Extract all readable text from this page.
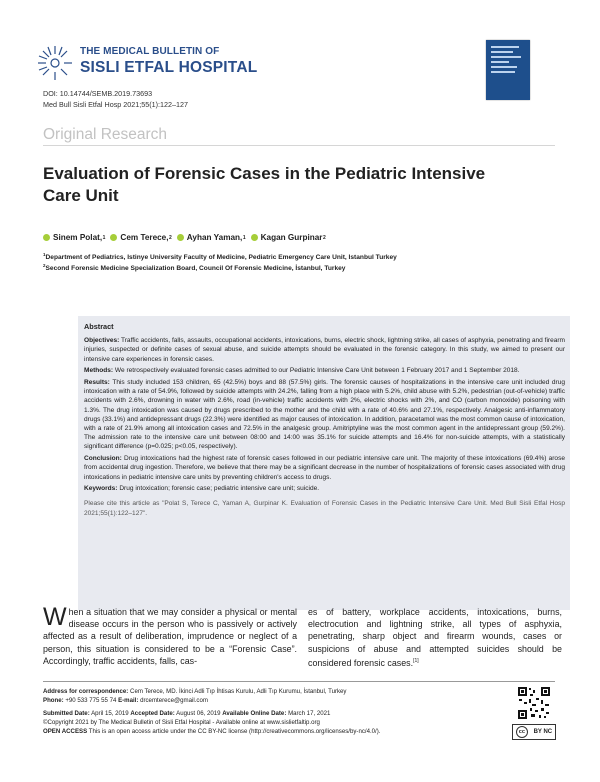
THE MEDICAL BULLETIN OF
SISLI ETFAL HOSPITAL
DOI: 10.14744/SEMB.2019.73693
Med Bull Sisli Etfal Hosp 2021;55(1):122–127
Original Research
Evaluation of Forensic Cases in the Pediatric Intensive Care Unit
Sinem Polat, 1 Cem Terece, 2 Ayhan Yaman, 1 Kagan Gurpinar 2
$^1$Department of Pediatrics, Istinye University Faculty of Medicine, Pediatric Emergency Care Unit, Istanbul Turkey
$^2$Second Forensic Medicine Specialization Board, Council Of Forensic Medicine, İstanbul, Turkey

Abstract

Objectives: Traffic accidents, falls, assaults, occupational accidents, intoxications, burns, electric shock, lightning strike, all cases of asphyxia, penetrating and firearm injuries, suspected or definite cases of sexual abuse, and suicide attempts should be evaluated in the forensic category. In this study, we aimed to present our intensive care experiences in forensic cases.

Methods: We retrospectively evaluated forensic cases admitted to our Pediatric Intensive Care Unit between 1 February 2017 and 1 September 2018.

Results: This study included 153 children, 65 (42.5%) boys and 88 (57.5%) girls. The forensic causes of hospitalizations in the intensive care unit included drug intoxication with a rate of 54.9%, followed by suicide attempts with 24.2%, falling from a high place with 5.2%, child abuse with 5.2%, pedestrian (out-of-vehicle) traffic accidents with 2.6%, drowning in water with 2.6%, road (in-vehicle) traffic accidents with 2%, electric shocks with 2%, and CO (carbon monoxide) poisoning with 1.3%. The drug intoxication was caused by drugs prescribed to the mother and the child with a rate of 40.6% and 27.1%, respectively. Analgesic anti-inflammatory drugs (33.1%) and antidepressant drugs (22.3%) were identified as major causes of intoxication. In addition, paracetamol was the most common cause of intoxication, with a rate of 21.9% among all intoxication cases and 72.5% in the analgesic group. Amitriptyline was the most common agent in the antidepressant group (59.2%). The admission rate to the intensive care unit between 08:00 and 14:00 was 35.1% for suicide attempts and 16.4% for non-suicide attempts, with a statistically significant difference (p=0.025; p<0.05, respectively).

Conclusion: Drug intoxications had the highest rate of forensic cases followed in our pediatric intensive care unit. The majority of these intoxications (69.4%) arose from accidental drug ingestion. Therefore, we believe that there may be a significant decrease in the number of hospitalizations of forensic cases associated with drug intoxications in pediatric intensive care units by preventing children's access to drugs.

Keywords: Drug intoxication; forensic case; pediatric intensive care unit; suicide.

Please cite this article as "Polat S, Terece C, Yaman A, Gurpinar K. Evaluation of Forensic Cases in the Pediatric Intensive Care Unit. Med Bull Sisli Etfal Hosp 2021;55(1):122–127".

When a situation that we may consider a physical or mental disease occurs in the person who is passively or actively affected as a result of deliberation, imprudence or neglect of a person, this situation is considered to be a “Forensic Case”. Accordingly, traffic accidents, falls, cas-
es of battery, workplace accidents, intoxications, burns, electrocution and lightning strike, all types of asphyxia, penetrating, sharp object and firearm wounds, cases or suspicions of abuse and attempted suicides should be considered forensic cases.[1]
Address for correspondence: Cem Terece, MD. İkinci Adli Tıp İhtisas Kurulu, Adli Tıp Kurumu, İstanbul, Turkey
Phone: +90 533 775 55 74 E-mail: drcemterece@gmail.com
Submitted Date: April 15, 2019 Accepted Date: August 06, 2019 Available Online Date: March 17, 2021
©Copyright 2021 by The Medical Bulletin of Sisli Etfal Hospital - Available online at www.sislietfaltip.org
OPEN ACCESS This is an open access article under the CC BY-NC license (http://creativecommons.org/licenses/by-nc/4.0/).	cc	BY NC
